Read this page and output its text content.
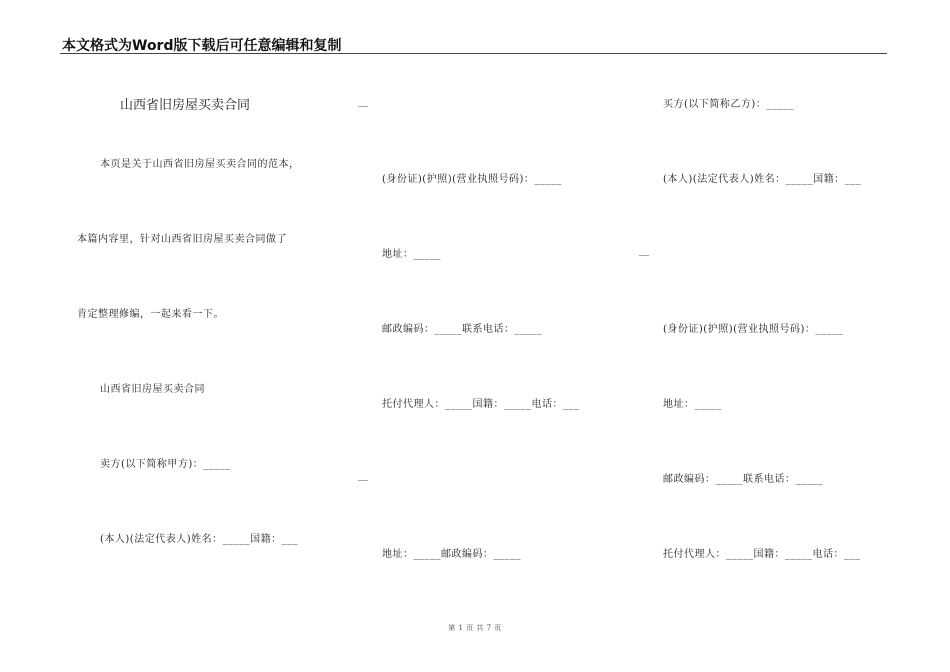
本文格式为Word版下载后可任意编辑和复制
山西省旧房屋买卖合同
本页是关于山西省旧房屋买卖合同的范本，
本篇内容里，针对山西省旧房屋买卖合同做了
肯定整理修编，一起来看一下。
山西省旧房屋买卖合同
卖方(以下简称甲方)：_____
(本人)(法定代表人)姓名：_____国籍：___
__
(身份证)(护照)(营业执照号码)：_____
地址：_____
邮政编码：_____联系电话：_____
托付代理人：_____国籍：_____电话：___
__
地址：_____邮政编码：_____
买方(以下简称乙方)：_____
(本人)(法定代表人)姓名：_____国籍：___
__
(身份证)(护照)(营业执照号码)：_____
地址：_____
邮政编码：_____联系电话：_____
托付代理人：_____国籍：_____电话：___
第 1 页 共 7 页
